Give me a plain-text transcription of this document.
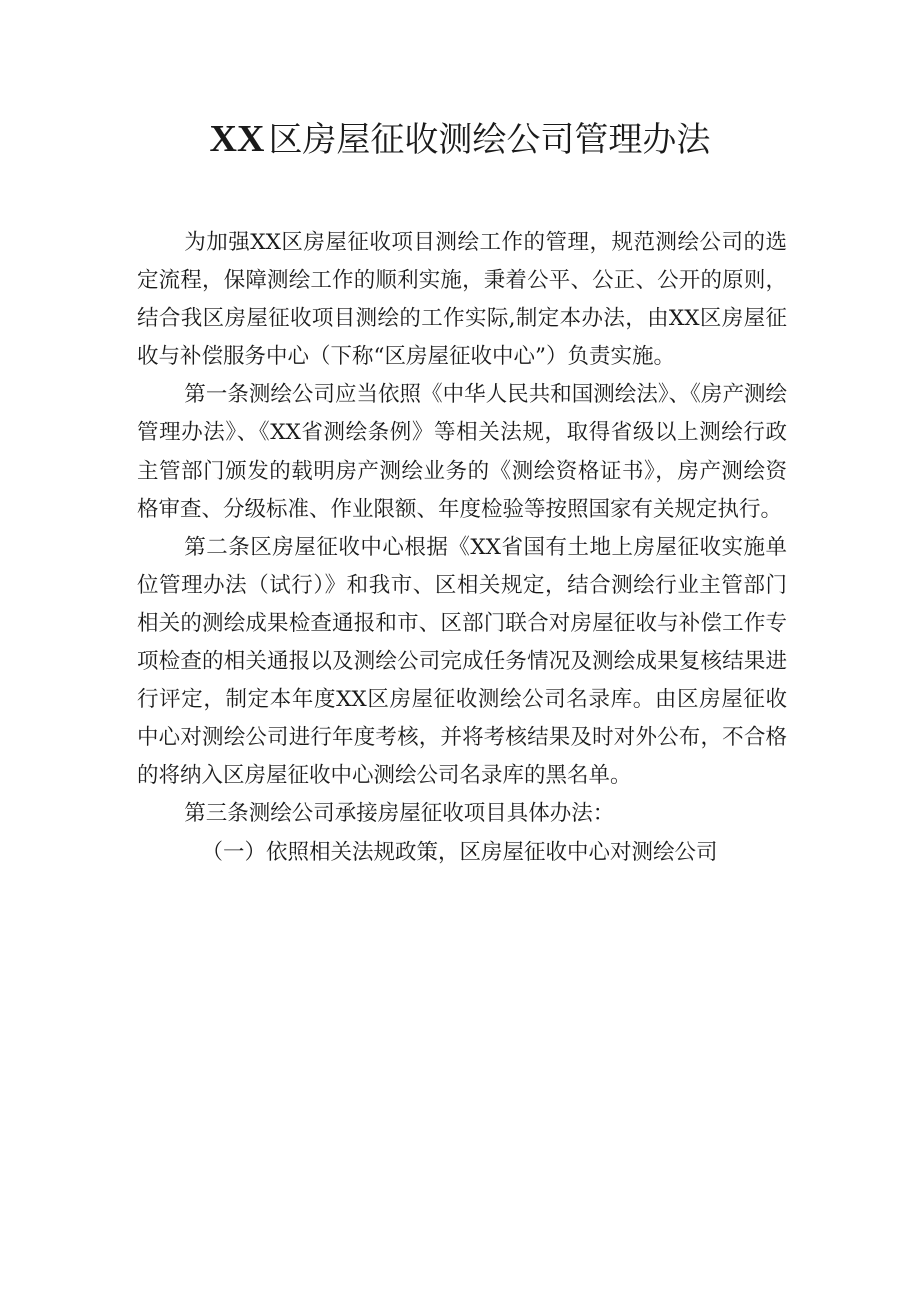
XX 区房屋征收测绘公司管理办法

为加强XX区房屋征收项目测绘工作的管理，规范测绘公司的选定流程，保障测绘工作的顺利实施，秉着公平、公正、公开的原则，结合我区房屋征收项目测绘的工作实际,制定本办法，由XX区房屋征收与补偿服务中心（下称“区房屋征收中心”）负责实施。

第一条测绘公司应当依照《中华人民共和国测绘法》、《房产测绘管理办法》、《XX省测绘条例》等相关法规，取得省级以上测绘行政主管部门颁发的载明房产测绘业务的《测绘资格证书》，房产测绘资格审查、分级标准、作业限额、年度检验等按照国家有关规定执行。

第二条区房屋征收中心根据《XX省国有土地上房屋征收实施单位管理办法（试行）》和我市、区相关规定，结合测绘行业主管部门相关的测绘成果检查通报和市、区部门联合对房屋征收与补偿工作专项检查的相关通报以及测绘公司完成任务情况及测绘成果复核结果进行评定，制定本年度XX区房屋征收测绘公司名录库。由区房屋征收中心对测绘公司进行年度考核，并将考核结果及时对外公布，不合格的将纳入区房屋征收中心测绘公司名录库的黑名单。

第三条测绘公司承接房屋征收项目具体办法：

（一）依照相关法规政策，区房屋征收中心对测绘公司
